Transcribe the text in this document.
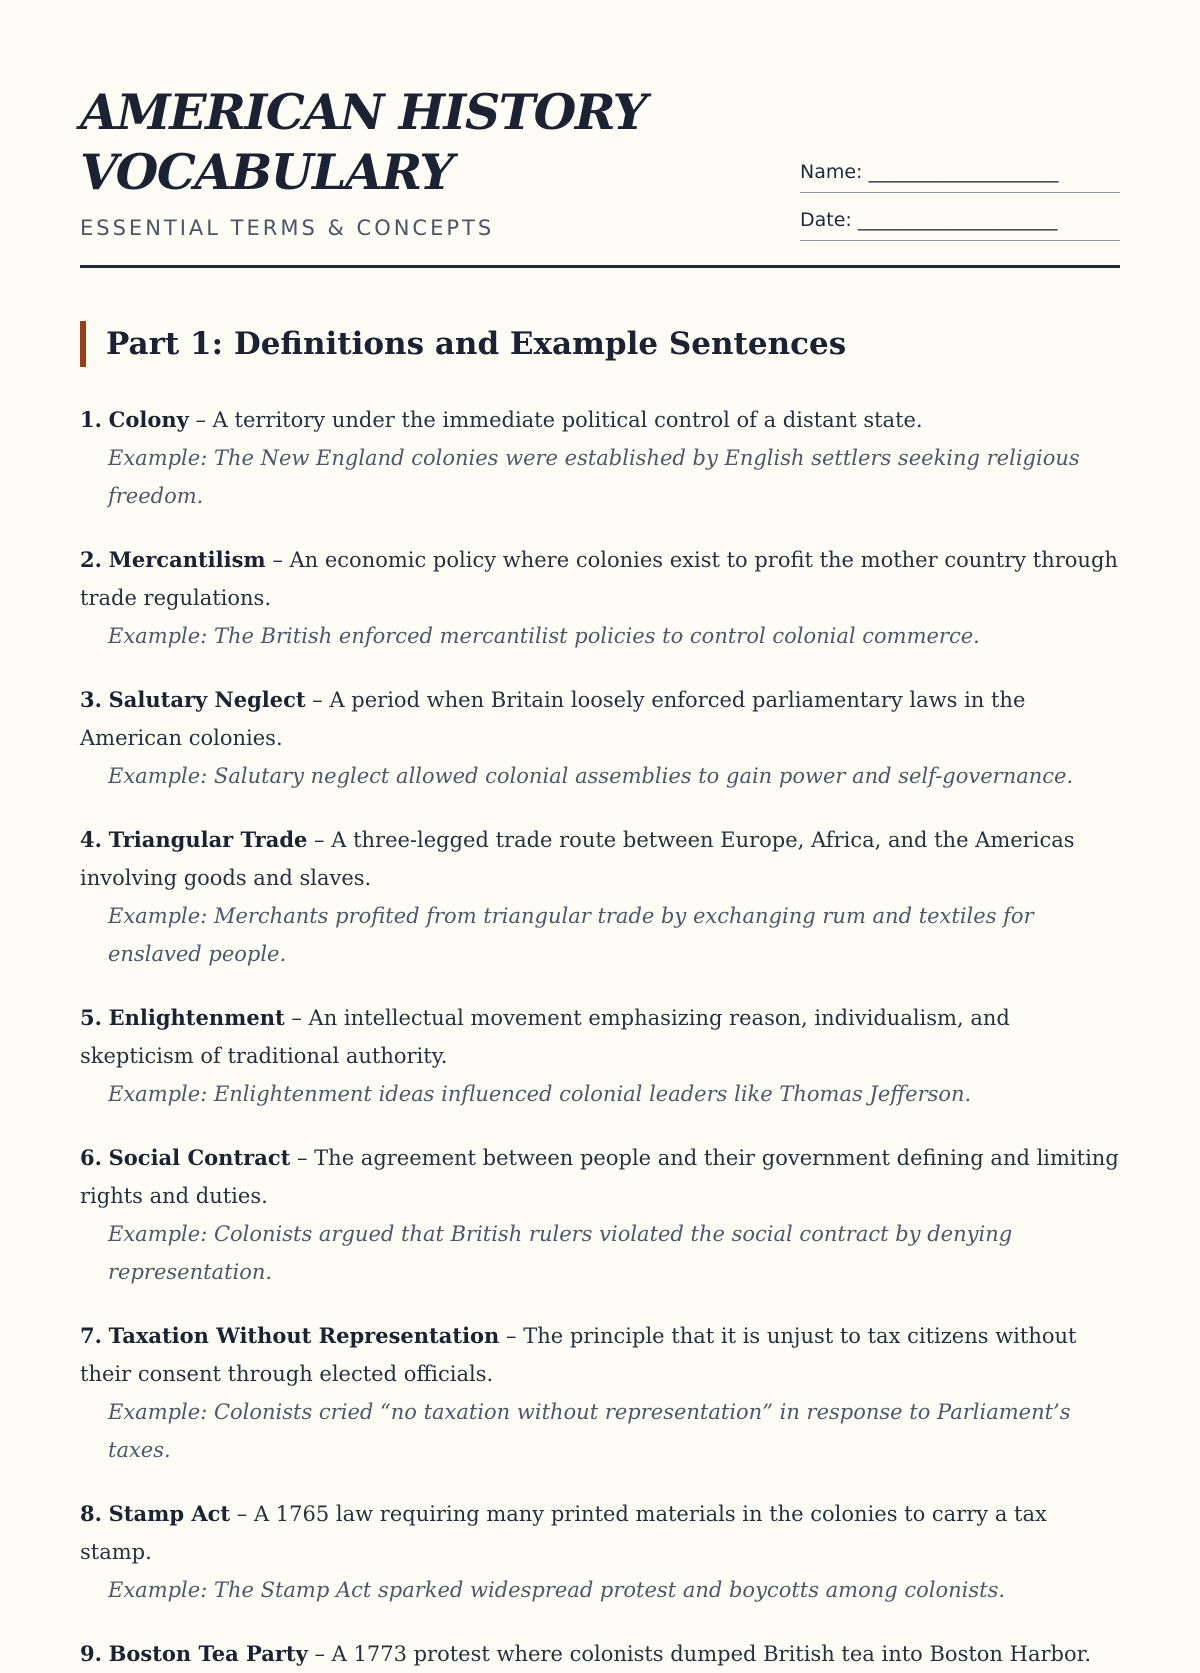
AMERICAN HISTORY
VOCABULARY
ESSENTIAL TERMS & CONCEPTS
Name: ____________________
Date: _____________________
Part 1: Definitions and Example Sentences
1. Colony – A territory under the immediate political control of a distant state.
Example: The New England colonies were established by English settlers seeking religious freedom.
2. Mercantilism – An economic policy where colonies exist to profit the mother country through trade regulations.
Example: The British enforced mercantilist policies to control colonial commerce.
3. Salutary Neglect – A period when Britain loosely enforced parliamentary laws in the American colonies.
Example: Salutary neglect allowed colonial assemblies to gain power and self-governance.
4. Triangular Trade – A three-legged trade route between Europe, Africa, and the Americas involving goods and slaves.
Example: Merchants profited from triangular trade by exchanging rum and textiles for enslaved people.
5. Enlightenment – An intellectual movement emphasizing reason, individualism, and skepticism of traditional authority.
Example: Enlightenment ideas influenced colonial leaders like Thomas Jefferson.
6. Social Contract – The agreement between people and their government defining and limiting rights and duties.
Example: Colonists argued that British rulers violated the social contract by denying representation.
7. Taxation Without Representation – The principle that it is unjust to tax citizens without their consent through elected officials.
Example: Colonists cried “no taxation without representation” in response to Parliament’s taxes.
8. Stamp Act – A 1765 law requiring many printed materials in the colonies to carry a tax stamp.
Example: The Stamp Act sparked widespread protest and boycotts among colonists.
9. Boston Tea Party – A 1773 protest where colonists dumped British tea into Boston Harbor.
